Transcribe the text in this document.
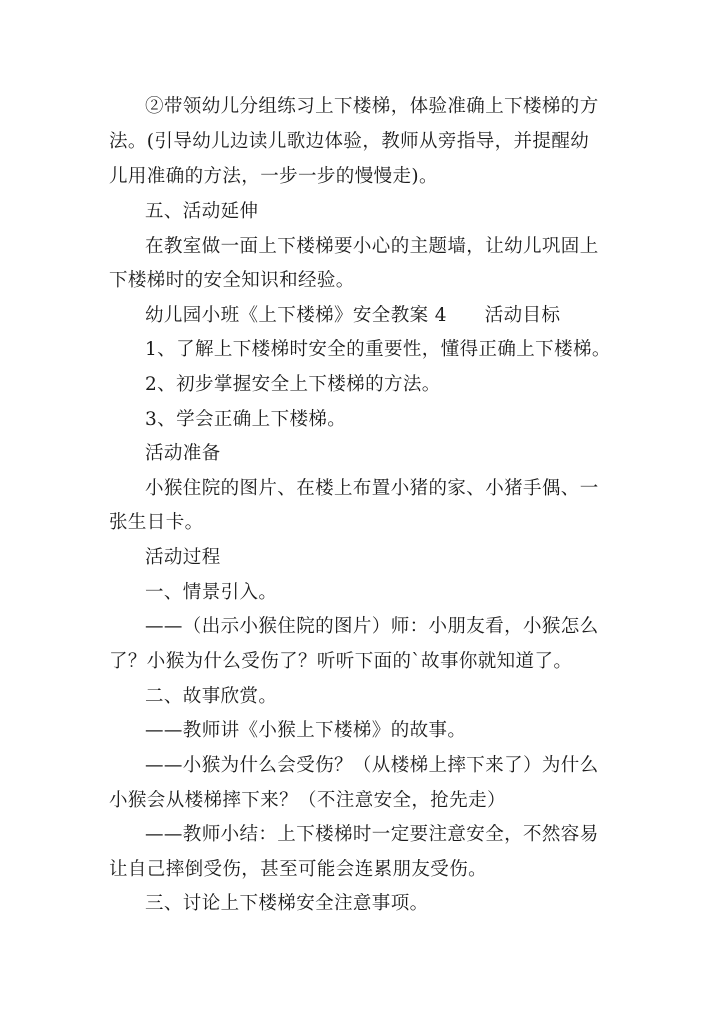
②带领幼儿分组练习上下楼梯，体验准确上下楼梯的方
法。(引导幼儿边读儿歌边体验，教师从旁指导，并提醒幼
儿用准确的方法，一步一步的慢慢走)。
五、活动延伸
在教室做一面上下楼梯要小心的主题墙，让幼儿巩固上
下楼梯时的安全知识和经验。
幼儿园小班《上下楼梯》安全教案 4　　活动目标
1、了解上下楼梯时安全的重要性，懂得正确上下楼梯。
2、初步掌握安全上下楼梯的方法。
3、学会正确上下楼梯。
活动准备
小猴住院的图片、在楼上布置小猪的家、小猪手偶、一
张生日卡。
活动过程
一、情景引入。
——（出示小猴住院的图片）师：小朋友看，小猴怎么
了？小猴为什么受伤了？听听下面的`故事你就知道了。
二、故事欣赏。
——教师讲《小猴上下楼梯》的故事。
——小猴为什么会受伤？（从楼梯上摔下来了）为什么
小猴会从楼梯摔下来？（不注意安全，抢先走）
——教师小结：上下楼梯时一定要注意安全，不然容易
让自己摔倒受伤，甚至可能会连累朋友受伤。
三、讨论上下楼梯安全注意事项。
